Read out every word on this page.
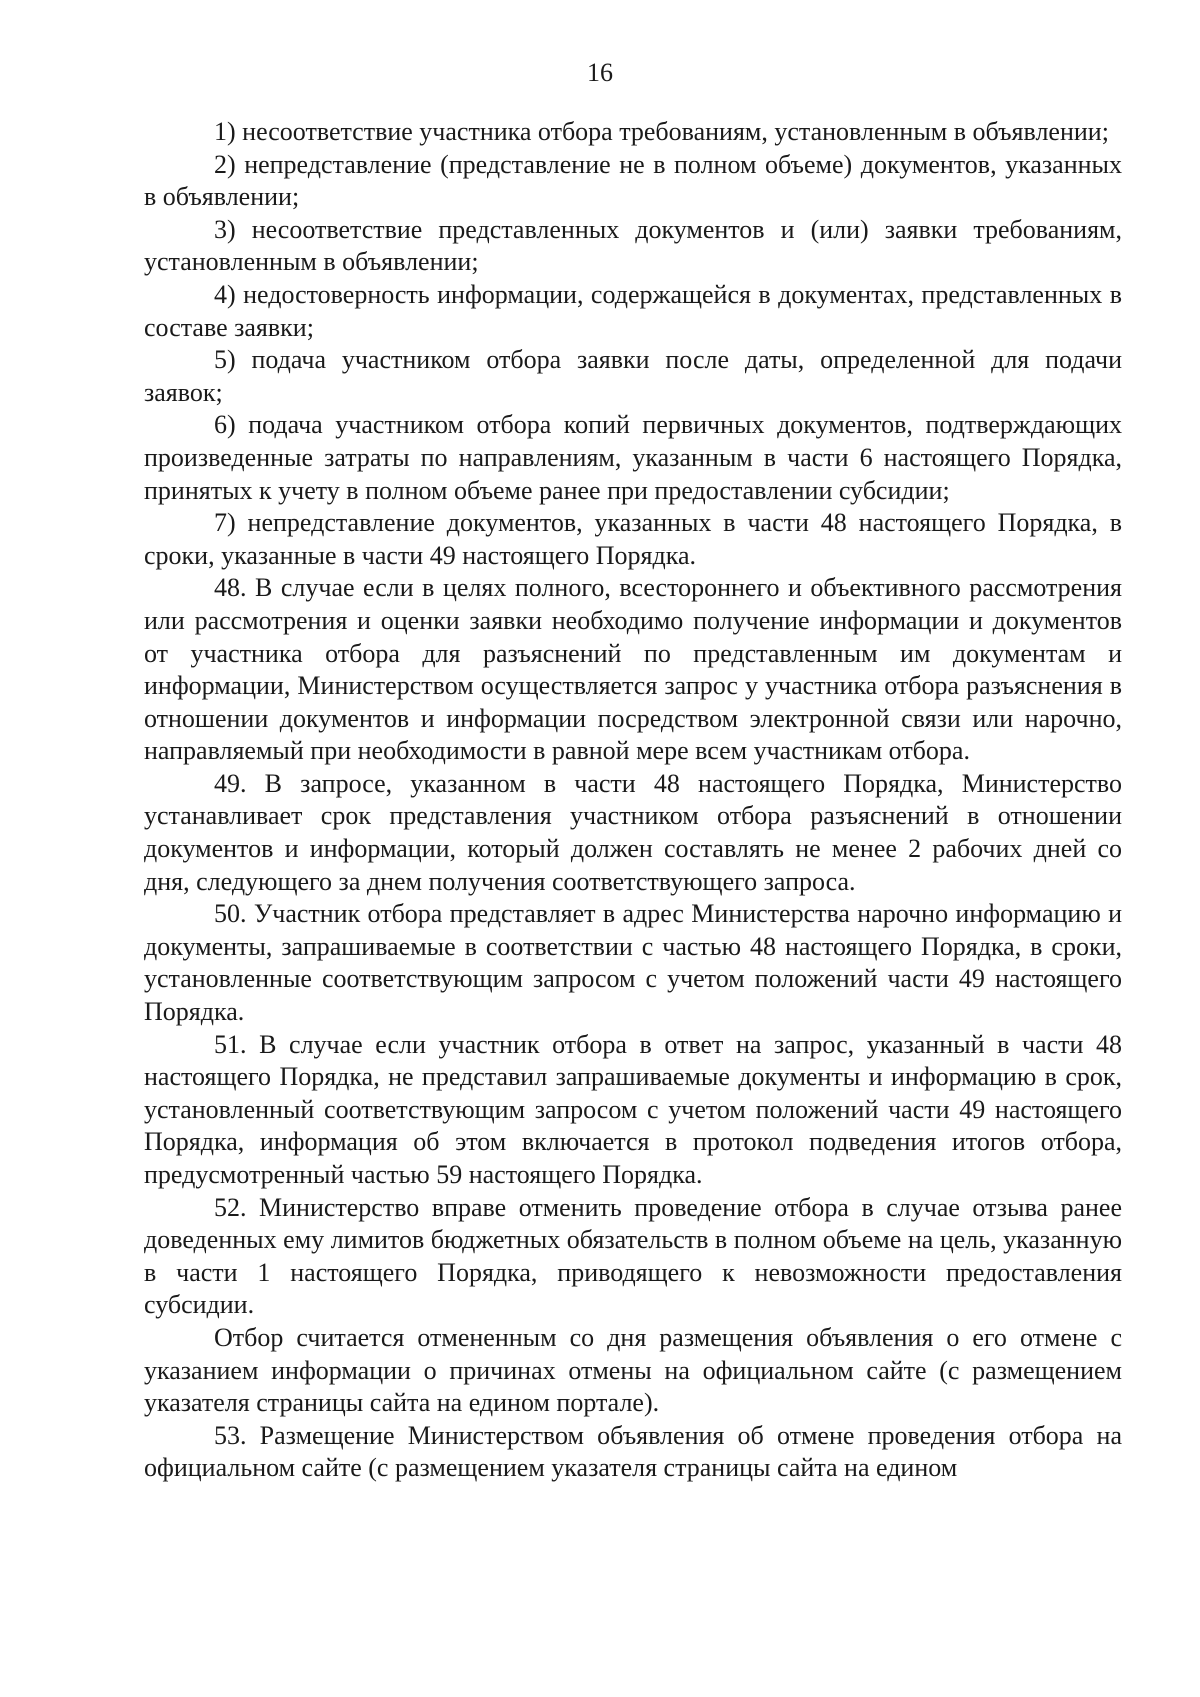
16

1) несоответствие участника отбора требованиям, установленным в объявлении;

2) непредставление (представление не в полном объеме) документов, указанных в объявлении;

3) несоответствие представленных документов и (или) заявки требованиям, установленным в объявлении;

4) недостоверность информации, содержащейся в документах, представленных в составе заявки;

5) подача участником отбора заявки после даты, определенной для подачи заявок;

6) подача участником отбора копий первичных документов, подтверждающих произведенные затраты по направлениям, указанным в части 6 настоящего Порядка, принятых к учету в полном объеме ранее при предоставлении субсидии;

7) непредставление документов, указанных в части 48 настоящего Порядка, в сроки, указанные в части 49 настоящего Порядка.

48. В случае если в целях полного, всестороннего и объективного рассмотрения или рассмотрения и оценки заявки необходимо получение информации и документов от участника отбора для разъяснений по представленным им документам и информации, Министерством осуществляется запрос у участника отбора разъяснения в отношении документов и информации посредством электронной связи или нарочно, направляемый при необходимости в равной мере всем участникам отбора.

49. В запросе, указанном в части 48 настоящего Порядка, Министерство устанавливает срок представления участником отбора разъяснений в отношении документов и информации, который должен составлять не менее 2 рабочих дней со дня, следующего за днем получения соответствующего запроса.

50. Участник отбора представляет в адрес Министерства нарочно информацию и документы, запрашиваемые в соответствии с частью 48 настоящего Порядка, в сроки, установленные соответствующим запросом с учетом положений части 49 настоящего Порядка.

51. В случае если участник отбора в ответ на запрос, указанный в части 48 настоящего Порядка, не представил запрашиваемые документы и информацию в срок, установленный соответствующим запросом с учетом положений части 49 настоящего Порядка, информация об этом включается в протокол подведения итогов отбора, предусмотренный частью 59 настоящего Порядка.

52. Министерство вправе отменить проведение отбора в случае отзыва ранее доведенных ему лимитов бюджетных обязательств в полном объеме на цель, указанную в части 1 настоящего Порядка, приводящего к невозможности предоставления субсидии.

Отбор считается отмененным со дня размещения объявления о его отмене с указанием информации о причинах отмены на официальном сайте (с размещением указателя страницы сайта на едином портале).

53. Размещение Министерством объявления об отмене проведения отбора на официальном сайте (с размещением указателя страницы сайта на едином
